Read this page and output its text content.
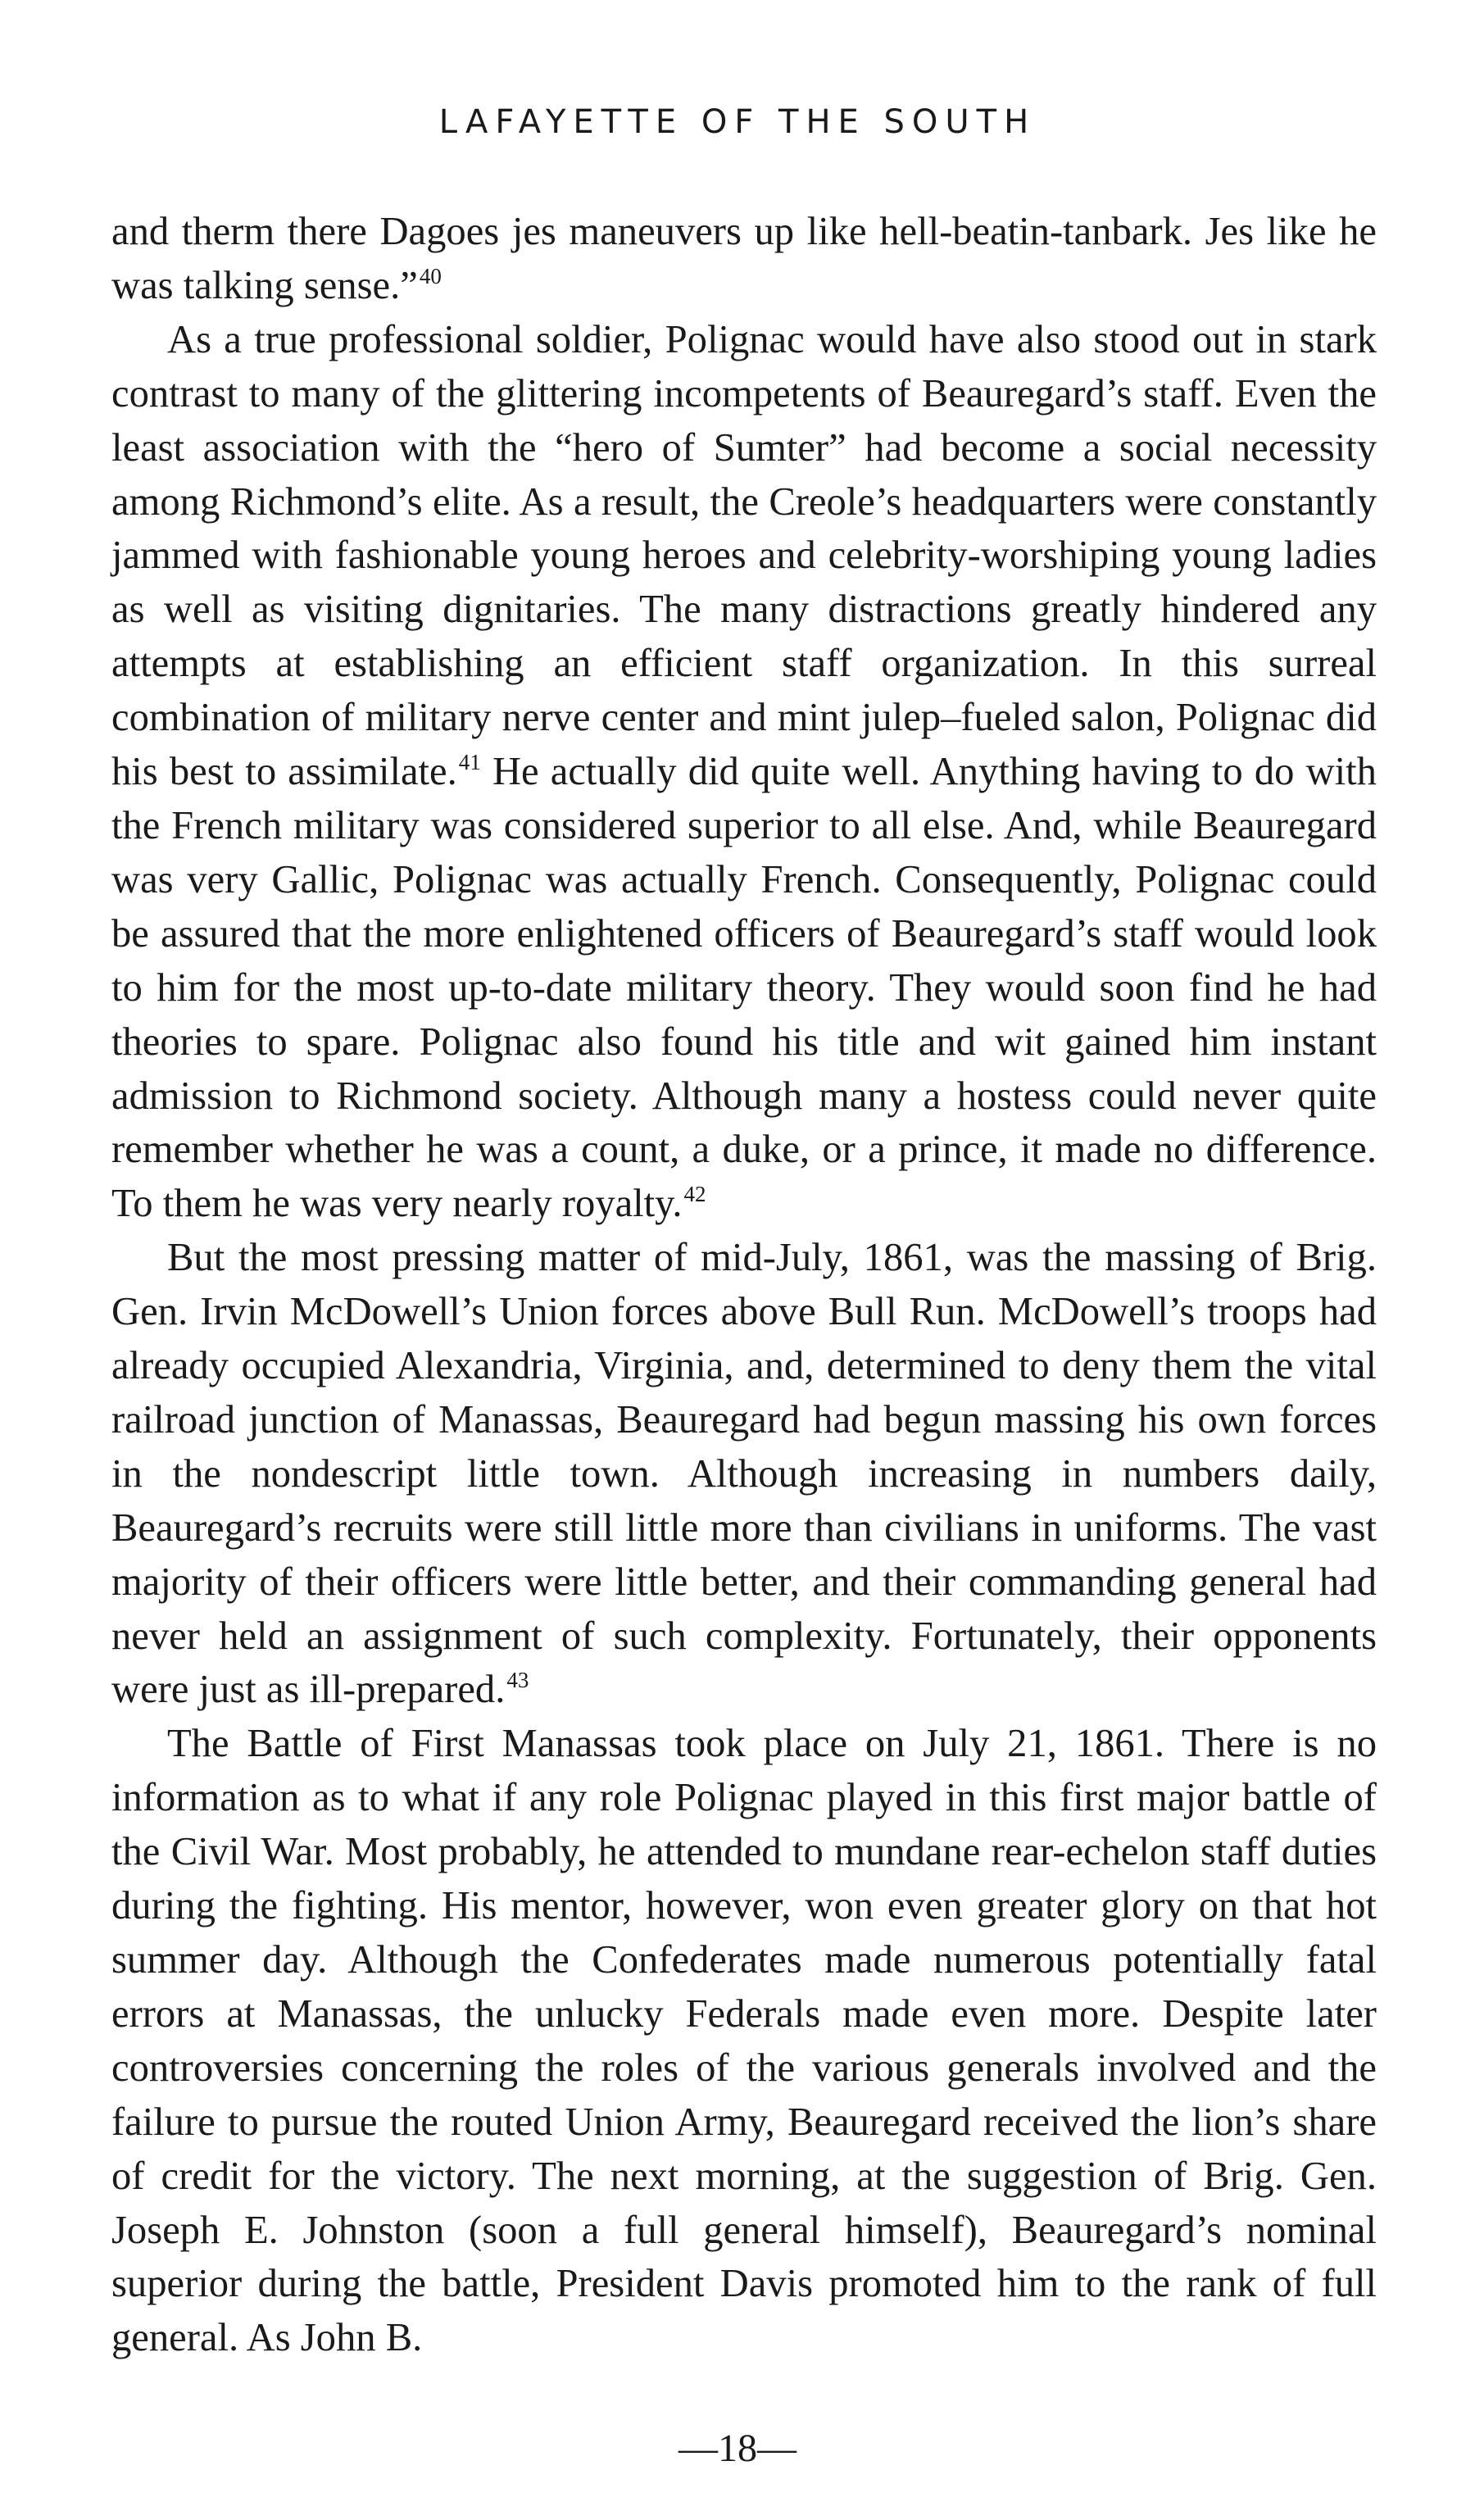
LAFAYETTE OF THE SOUTH

and therm there Dagoes jes maneuvers up like hell-beatin-tanbark. Jes like he was talking sense.”$^{40}$

As a true professional soldier, Polignac would have also stood out in stark contrast to many of the glittering incompetents of Beauregard’s staff. Even the least association with the “hero of Sumter” had become a social necessity among Richmond’s elite. As a result, the Creole’s headquarters were constantly jammed with fashionable young heroes and celebrity-worshiping young ladies as well as visiting dignitaries. The many distractions greatly hindered any attempts at establishing an efficient staff organization. In this surreal combination of military nerve center and mint julep–fueled salon, Polignac did his best to assimilate.$^{41}$ He actually did quite well. Anything having to do with the French military was considered superior to all else. And, while Beauregard was very Gallic, Polignac was actually French. Consequently, Polignac could be assured that the more enlightened officers of Beauregard’s staff would look to him for the most up-to-date military theory. They would soon find he had theories to spare. Polignac also found his title and wit gained him instant admission to Richmond society. Although many a hostess could never quite remember whether he was a count, a duke, or a prince, it made no difference. To them he was very nearly royalty.$^{42}$

But the most pressing matter of mid-July, 1861, was the massing of Brig. Gen. Irvin McDowell’s Union forces above Bull Run. McDowell’s troops had already occupied Alexandria, Virginia, and, determined to deny them the vital railroad junction of Manassas, Beauregard had begun massing his own forces in the nondescript little town. Although increasing in numbers daily, Beauregard’s recruits were still little more than civilians in uniforms. The vast majority of their officers were little better, and their commanding general had never held an assignment of such complexity. Fortunately, their opponents were just as ill-prepared.$^{43}$

The Battle of First Manassas took place on July 21, 1861. There is no information as to what if any role Polignac played in this first major battle of the Civil War. Most probably, he attended to mundane rear-echelon staff duties during the fighting. His mentor, however, won even greater glory on that hot summer day. Although the Confederates made numerous potentially fatal errors at Manassas, the unlucky Federals made even more. Despite later controversies concerning the roles of the various generals involved and the failure to pursue the routed Union Army, Beauregard received the lion’s share of credit for the victory. The next morning, at the suggestion of Brig. Gen. Joseph E. Johnston (soon a full general himself), Beauregard’s nominal superior during the battle, President Davis promoted him to the rank of full general. As John B.

—18—
